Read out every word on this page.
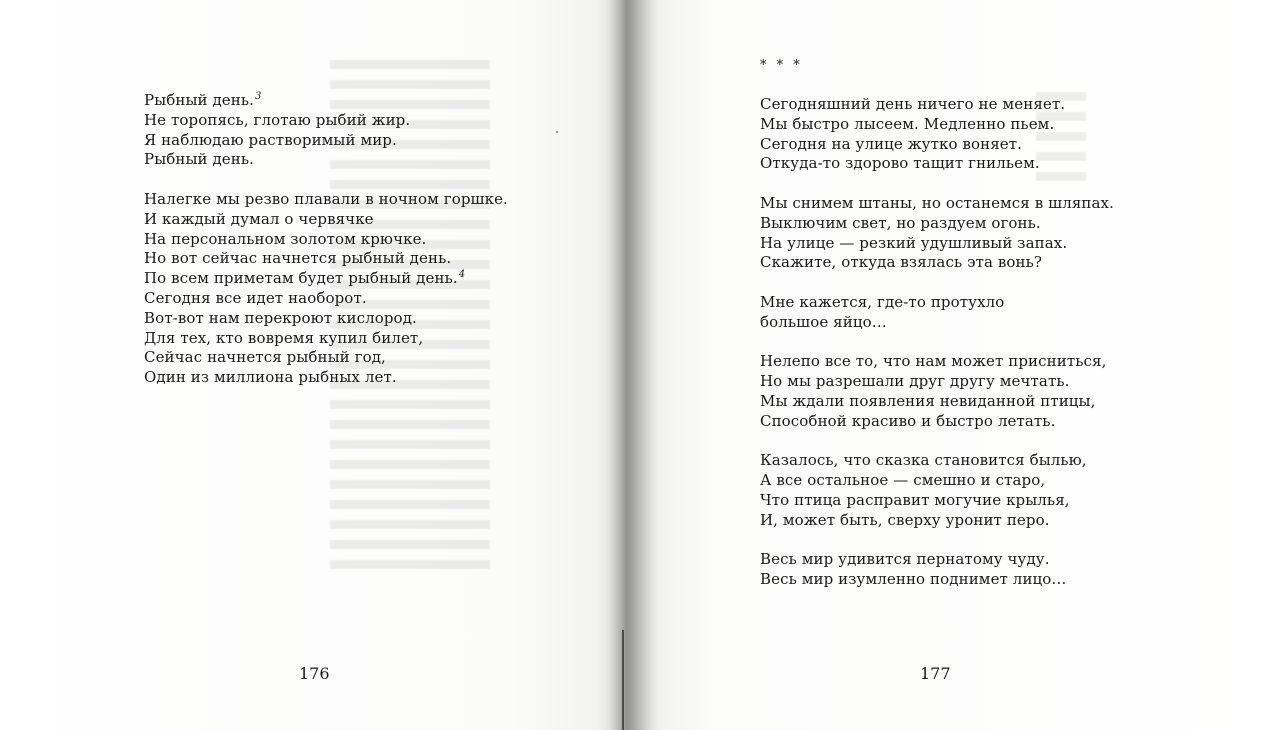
Рыбный день.$^3$
Не торопясь, глотаю рыбий жир.
Я наблюдаю растворимый мир.
Рыбный день.
Налегке мы резво плавали в ночном горшке.
И каждый думал о червячке
На персональном золотом крючке.
Но вот сейчас начнется рыбный день.
По всем приметам будет рыбный день.$^4$
Сегодня все идет наоборот.
Вот-вот нам перекроют кислород.
Для тех, кто вовремя купил билет,
Сейчас начнется рыбный год,
Один из миллиона рыбных лет.
176
* * *
Сегодняшний день ничего не меняет.
Мы быстро лысеем. Медленно пьем.
Сегодня на улице жутко воняет.
Откуда-то здорово тащит гнильем.
Мы снимем штаны, но останемся в шляпах.
Выключим свет, но раздуем огонь.
На улице — резкий удушливый запах.
Скажите, откуда взялась эта вонь?
Мне кажется, где-то протухло
большое яйцо…
Нелепо все то, что нам может присниться,
Но мы разрешали друг другу мечтать.
Мы ждали появления невиданной птицы,
Способной красиво и быстро летать.
Казалось, что сказка становится былью,
А все остальное — смешно и старо,
Что птица расправит могучие крылья,
И, может быть, сверху уронит перо.
Весь мир удивится пернатому чуду.
Весь мир изумленно поднимет лицо…
177
